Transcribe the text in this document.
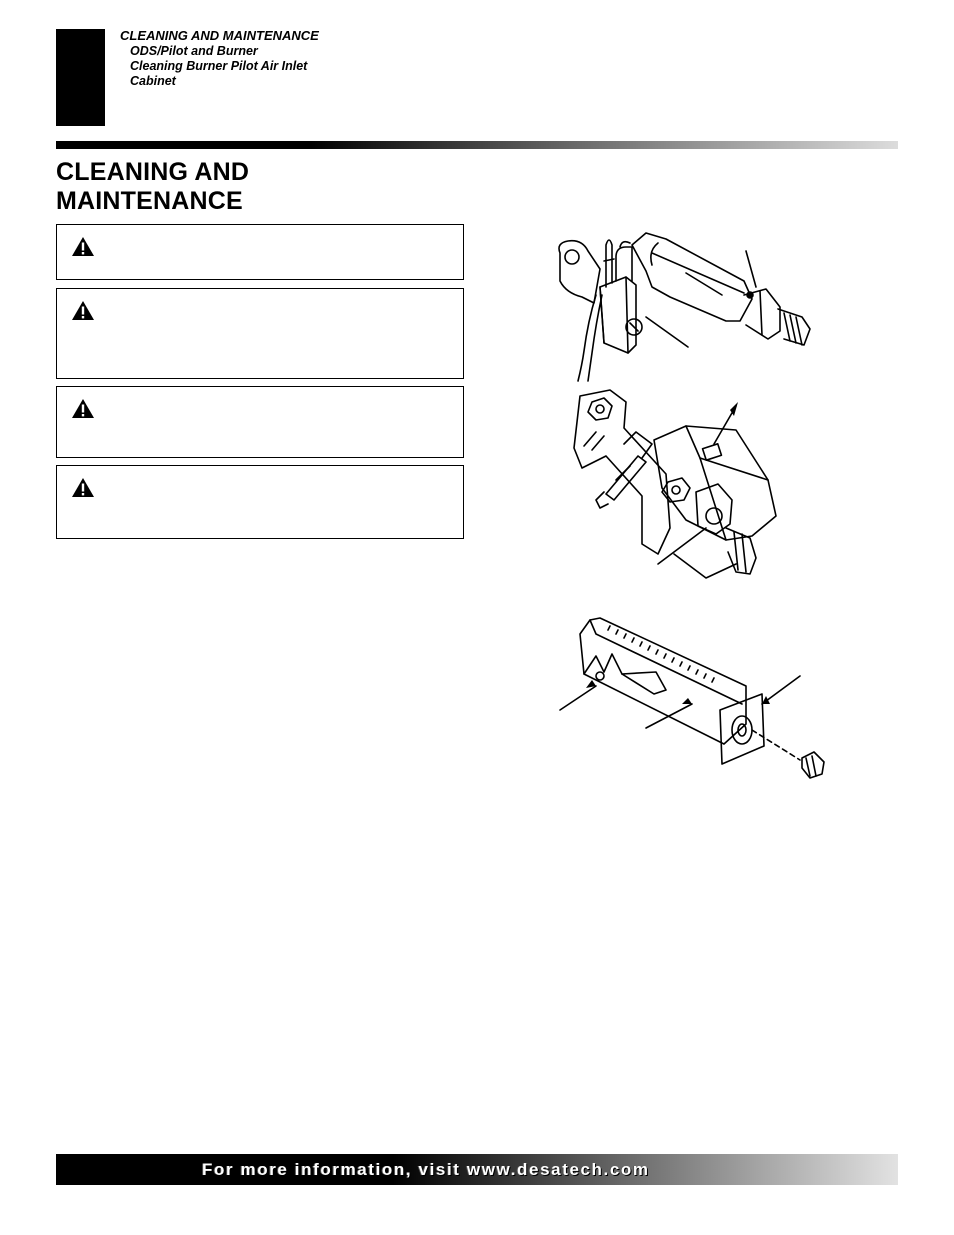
CLEANING AND MAINTENANCE
ODS/Pilot and Burner
Cleaning Burner Pilot Air Inlet
Cabinet
CLEANING AND
MAINTENANCE
For more information, visit www.desatech.com
